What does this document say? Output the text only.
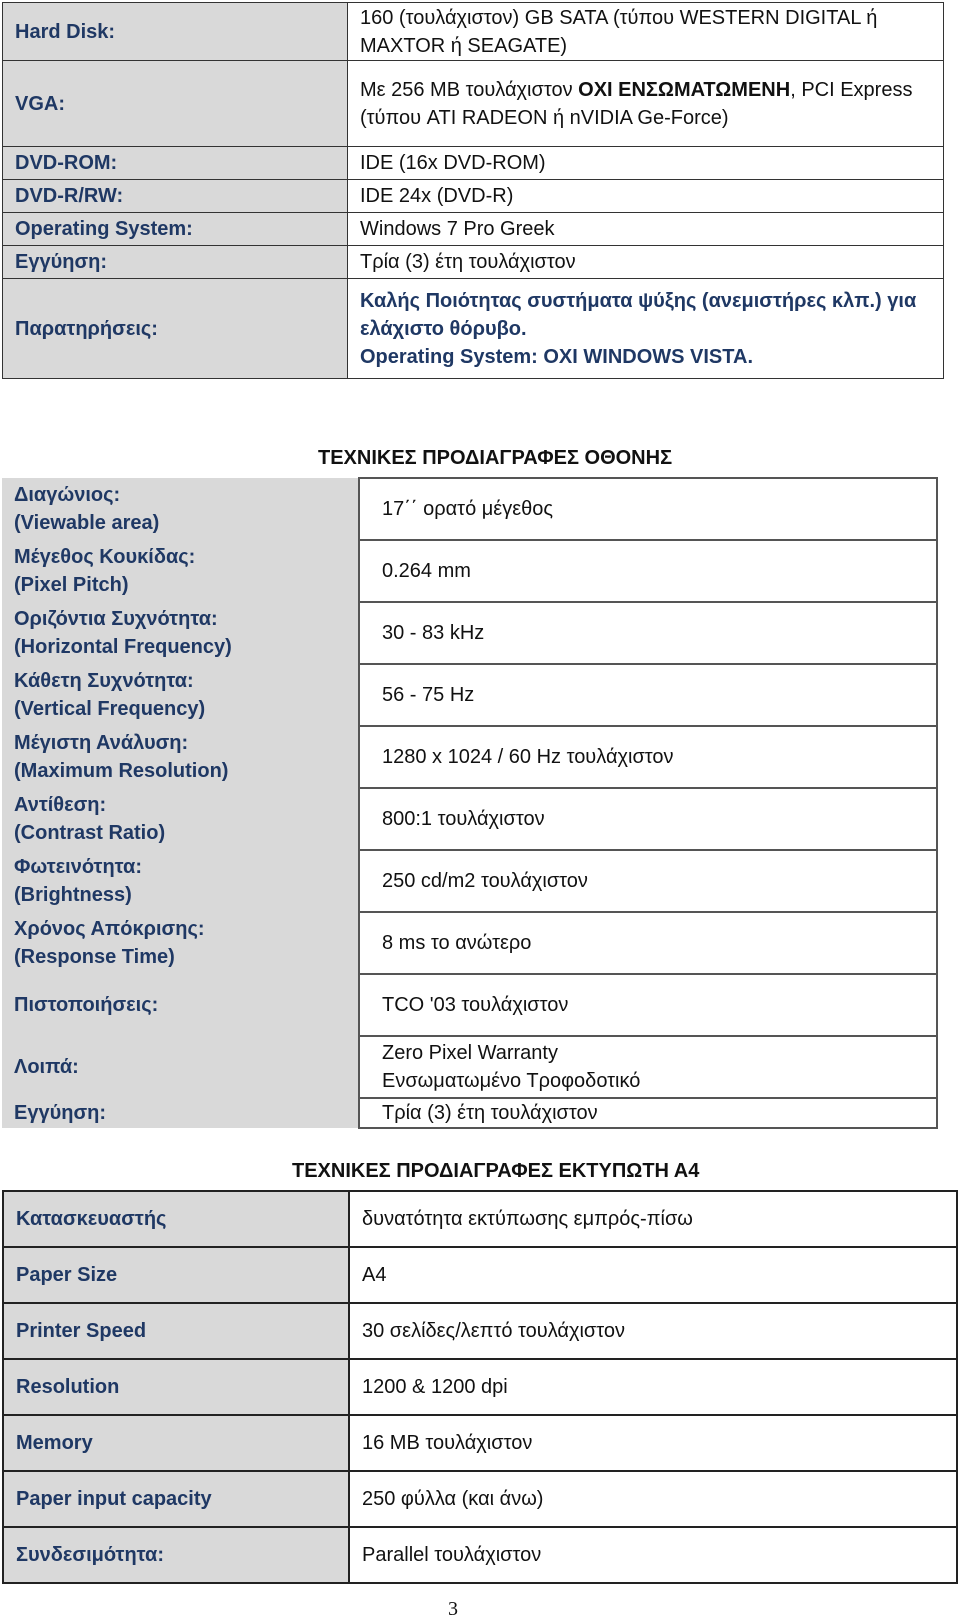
Hard Disk:	160 (τουλάχιστον) GB SATA (τύπου WESTERN DIGITAL ή MAXTOR ή SEAGATE)
VGA:	Με 256 MB τουλάχιστον ΟΧΙ ΕΝΣΩΜΑΤΩΜΕΝΗ, PCI Express
(τύπου ATI RADEON ή nVIDIA Ge-Force)
DVD-ROM:	IDE (16x DVD-ROM)
DVD-R/RW:	IDE 24x (DVD-R)
Operating System:	Windows 7 Pro Greek
Εγγύηση:	Τρία (3) έτη τουλάχιστον
Παρατηρήσεις:	Καλής Ποιότητας συστήματα ψύξης (ανεμιστήρες κλπ.) για ελάχιστο θόρυβο.
Operating System: ΟΧΙ WINDOWS VISTA.
ΤΕΧΝΙΚΕΣ ΠΡΟΔΙΑΓΡΑΦΕΣ ΟΘΟΝΗΣ
Διαγώνιος:
(Viewable area)	17΄΄ ορατό μέγεθος
Μέγεθος Κουκίδας:
(Pixel Pitch)	0.264 mm
Οριζόντια Συχνότητα:
(Horizontal Frequency)	30 - 83 kHz
Κάθετη Συχνότητα:
(Vertical Frequency)	56 - 75 Hz
Μέγιστη Ανάλυση:
(Maximum Resolution)	1280 x 1024 / 60 Hz τουλάχιστον
Αντίθεση:
(Contrast Ratio)	800:1 τουλάχιστον
Φωτεινότητα:
(Brightness)	250 cd/m2 τουλάχιστον
Χρόνος Απόκρισης:
(Response Time)	8 ms το ανώτερο
Πιστοποιήσεις:	TCO '03 τουλάχιστον
Λοιπά:	Zero Pixel Warranty
Ενσωματωμένο Τροφοδοτικό
Εγγύηση:	Τρία (3) έτη τουλάχιστον
ΤΕΧΝΙΚΕΣ ΠΡΟΔΙΑΓΡΑΦΕΣ ΕΚΤΥΠΩΤΗ Α4
Κατασκευαστής	δυνατότητα εκτύπωσης εμπρός-πίσω
Paper Size	A4
Printer Speed	30 σελίδες/λεπτό τουλάχιστον
Resolution	1200 & 1200 dpi
Memory	16 MB τουλάχιστον
Paper input capacity	250 φύλλα (και άνω)
Συνδεσιμότητα:	Parallel τουλάχιστον
3
